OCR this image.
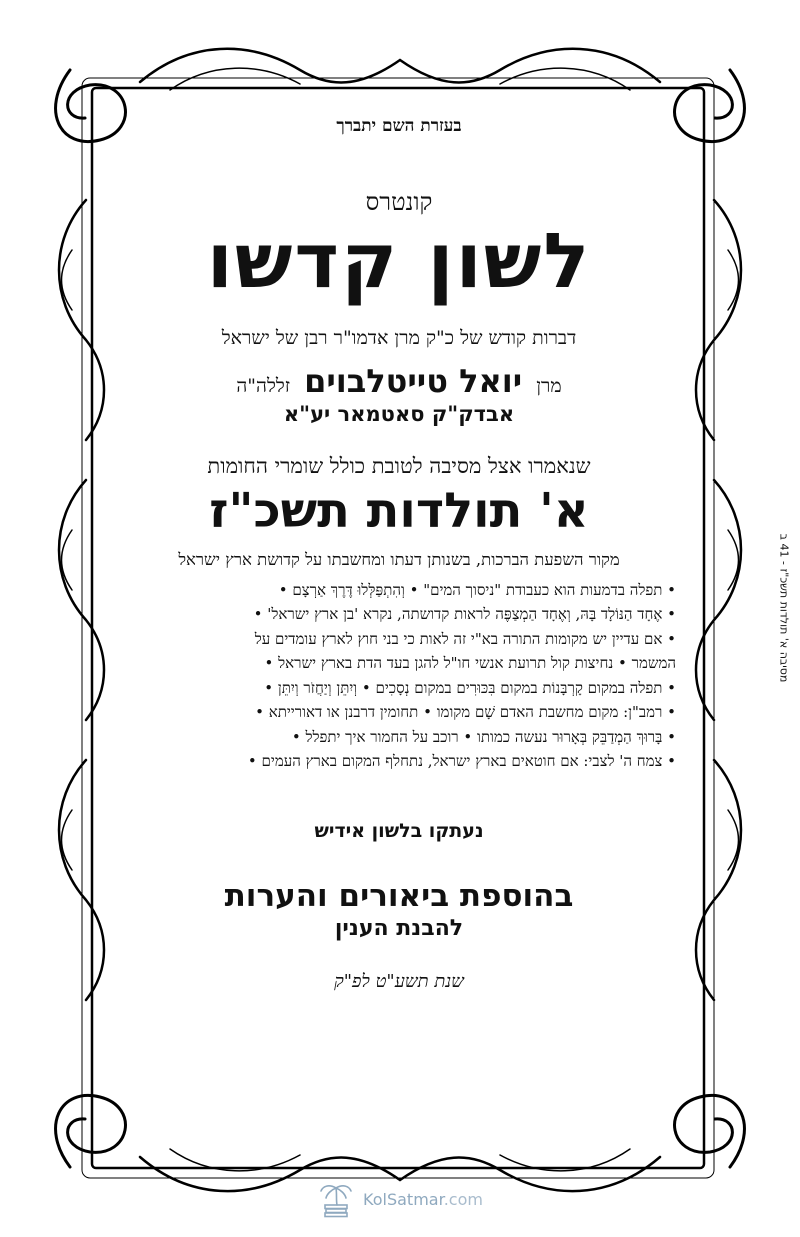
מסיבה א' תולדות תשכ"ז - 41 ב

בעזרת השם יתברך

קונטרס

לשון קדשו

דברות קודש של כ"ק מרן אדמו"ר רבן של ישראל

מרן יואל טייטלבוים זללה"ה

אבדק"ק סאטמאר יע"א

שנאמרו אצל מסיבה לטובת כולל שומרי החומות

א' תולדות תשכ"ז

מקור השפעת הברכות, בשנותן דעתו ומחשבתו על קדושת ארץ ישראל

• תפלה בדמעות הוא כעבודת "ניסוך המים" • וְהִתְפַּלְּלוּ דֶּרֶךְ אַרְצָם •

• אֶחָד הַנּוֹלָד בָּהּ, וְאֶחָד הַמְצַפֶּה לראות קדושתה, נקרא 'בן ארץ ישראל' •

• אם עדיין יש מקומות התורה בא"י זה לאות כי בני חוץ לארץ עומדים על

המשמר • נחיצות קול תרועת אנשי חו"ל להגן בעד הדת בארץ ישראל •

• תפלה במקום קָרְבָּנוֹת במקום בִּכּוּרִים במקום נְסָכִים • וְיִתֵּן וְיַחֲזֹר וְיִתֵּן •

• רמב"ן: מקום מחשבת האדם שָׁם מקומו • תחומין דרבנן או דאורייתא •

• בָּרוּךְ הַמְדַבֵּק בְּאָרוּר נעשה כמותו • רוכב על החמור איך יתפלל •

• צמח ה' לצבי: אם חוטאים בארץ ישראל, נתחלף המקום בארץ העמים •

נעתקו בלשון אידיש

בהוספת ביאורים והערות

להבנת הענין

שנת תשע"ט לפ"ק

KolSatmar.com
